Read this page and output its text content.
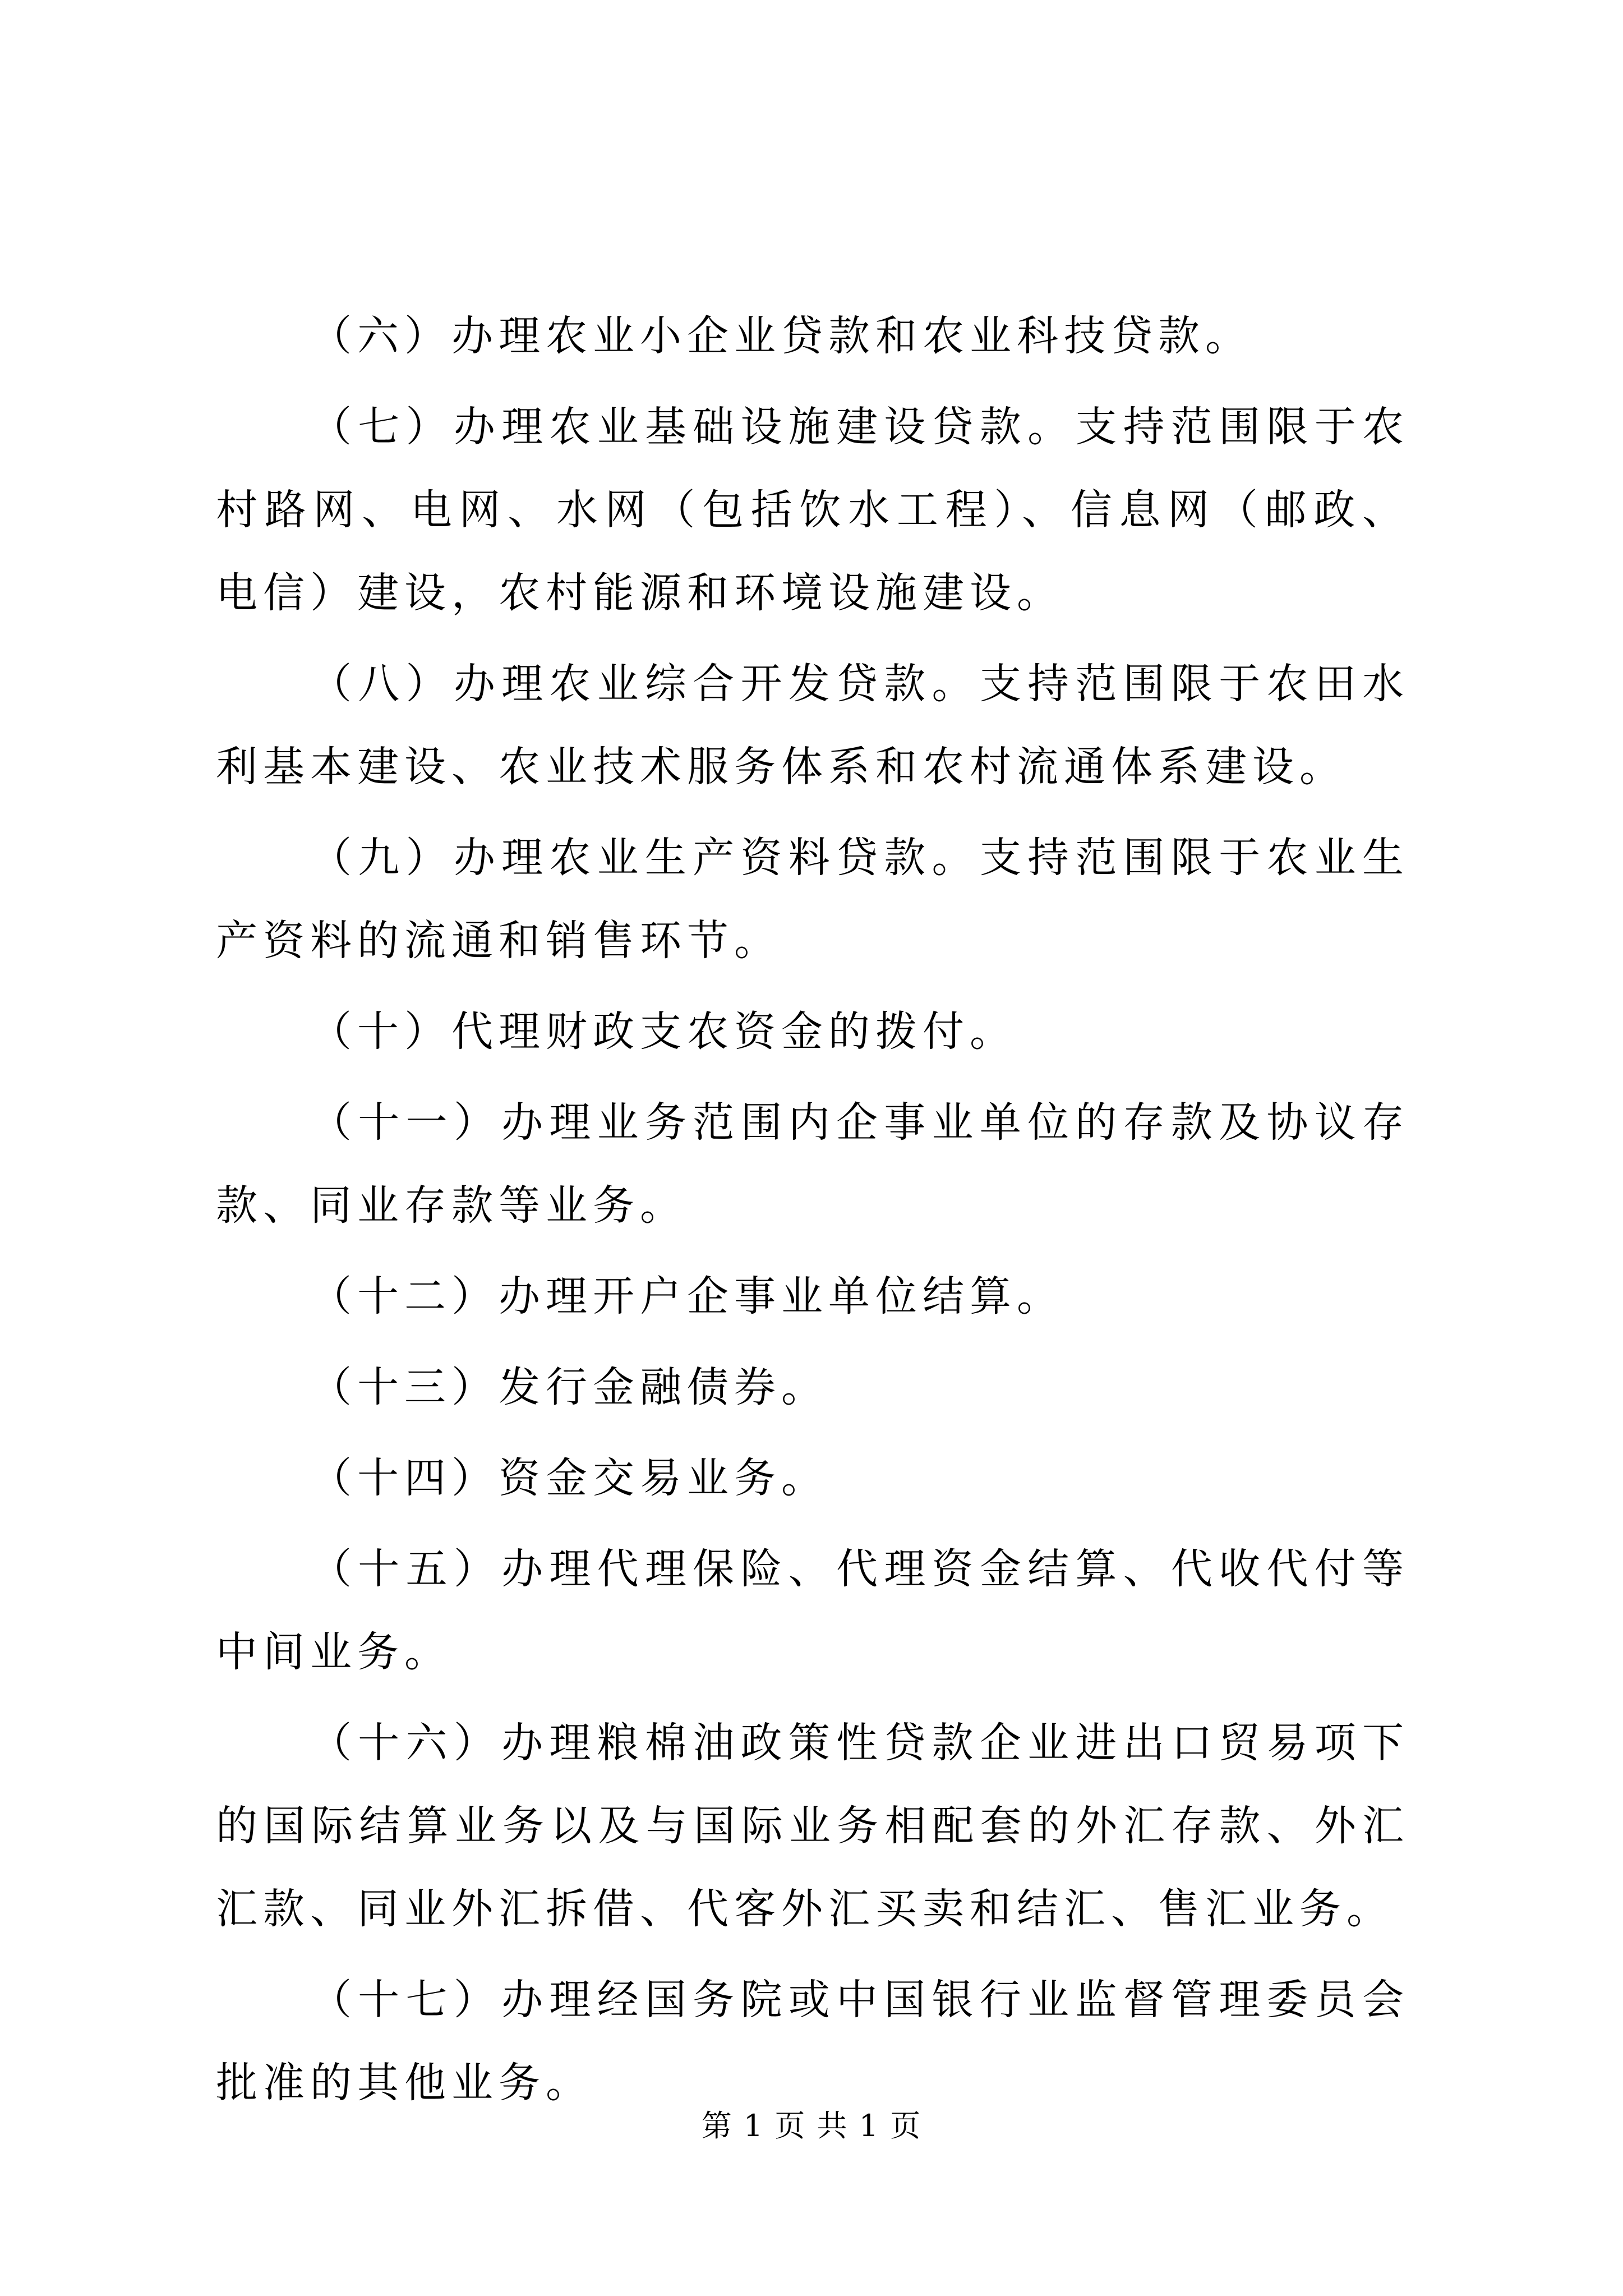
（六）办理农业小企业贷款和农业科技贷款。

（七）办理农业基础设施建设贷款。支持范围限于农村路网、电网、水网（包括饮水工程）、信息网（邮政、电信）建设，农村能源和环境设施建设。

（八）办理农业综合开发贷款。支持范围限于农田水利基本建设、农业技术服务体系和农村流通体系建设。

（九）办理农业生产资料贷款。支持范围限于农业生产资料的流通和销售环节。

（十）代理财政支农资金的拨付。

（十一）办理业务范围内企事业单位的存款及协议存款、同业存款等业务。

（十二）办理开户企事业单位结算。

（十三）发行金融债券。

（十四）资金交易业务。

（十五）办理代理保险、代理资金结算、代收代付等中间业务。

（十六）办理粮棉油政策性贷款企业进出口贸易项下的国际结算业务以及与国际业务相配套的外汇存款、外汇汇款、同业外汇拆借、代客外汇买卖和结汇、售汇业务。

（十七）办理经国务院或中国银行业监督管理委员会批准的其他业务。

第 1 页 共 1 页
